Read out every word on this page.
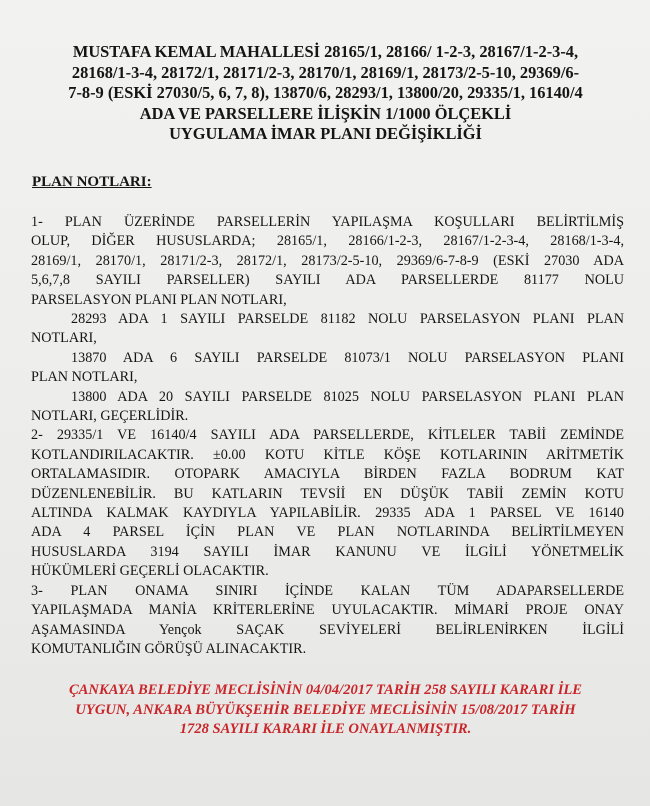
MUSTAFA KEMAL MAHALLESİ 28165/1, 28166/ 1-2-3, 28167/1-2-3-4,
28168/1-3-4, 28172/1, 28171/2-3, 28170/1, 28169/1, 28173/2-5-10, 29369/6-
7-8-9 (ESKİ 27030/5, 6, 7, 8), 13870/6, 28293/1, 13800/20, 29335/1, 16140/4
ADA VE PARSELLERE İLİŞKİN 1/1000 ÖLÇEKLİ
UYGULAMA İMAR PLANI DEĞİŞİKLİĞİ
PLAN NOTLARI:
1- PLAN ÜZERİNDE PARSELLERİN YAPILAŞMA KOŞULLARI BELİRTİLMİŞ
OLUP, DİĞER HUSUSLARDA; 28165/1, 28166/1-2-3, 28167/1-2-3-4, 28168/1-3-4,
28169/1, 28170/1, 28171/2-3, 28172/1, 28173/2-5-10, 29369/6-7-8-9 (ESKİ 27030 ADA
5,6,7,8 SAYILI PARSELLER) SAYILI ADA PARSELLERDE 81177 NOLU
PARSELASYON PLANI PLAN NOTLARI,
28293 ADA 1 SAYILI PARSELDE 81182 NOLU PARSELASYON PLANI PLAN
NOTLARI,
13870 ADA 6 SAYILI PARSELDE 81073/1 NOLU PARSELASYON PLANI
PLAN NOTLARI,
13800 ADA 20 SAYILI PARSELDE 81025 NOLU PARSELASYON PLANI PLAN
NOTLARI, GEÇERLİDİR.
2- 29335/1 VE 16140/4 SAYILI ADA PARSELLERDE, KİTLELER TABİİ ZEMİNDE
KOTLANDIRILACAKTIR. ±0.00 KOTU KİTLE KÖŞE KOTLARININ ARİTMETİK
ORTALAMASIDIR. OTOPARK AMACIYLA BİRDEN FAZLA BODRUM KAT
DÜZENLENEBİLİR. BU KATLARIN TEVSİİ EN DÜŞÜK TABİİ ZEMİN KOTU
ALTINDA KALMAK KAYDIYLA YAPILABİLİR. 29335 ADA 1 PARSEL VE 16140
ADA 4 PARSEL İÇİN PLAN VE PLAN NOTLARINDA BELİRTİLMEYEN
HUSUSLARDA 3194 SAYILI İMAR KANUNU VE İLGİLİ YÖNETMELİK
HÜKÜMLERİ GEÇERLİ OLACAKTIR.
3- PLAN ONAMA SINIRI İÇİNDE KALAN TÜM ADAPARSELLERDE
YAPILAŞMADA MANİA KRİTERLERİNE UYULACAKTIR. MİMARİ PROJE ONAY
AŞAMASINDA Yençok SAÇAK SEVİYELERİ BELİRLENİRKEN İLGİLİ
KOMUTANLIĞIN GÖRÜŞÜ ALINACAKTIR.
ÇANKAYA BELEDİYE MECLİSİNİN 04/04/2017 TARİH 258 SAYILI KARARI İLE
UYGUN, ANKARA BÜYÜKŞEHİR BELEDİYE MECLİSİNİN 15/08/2017 TARİH
1728 SAYILI KARARI İLE ONAYLANMIŞTIR.
